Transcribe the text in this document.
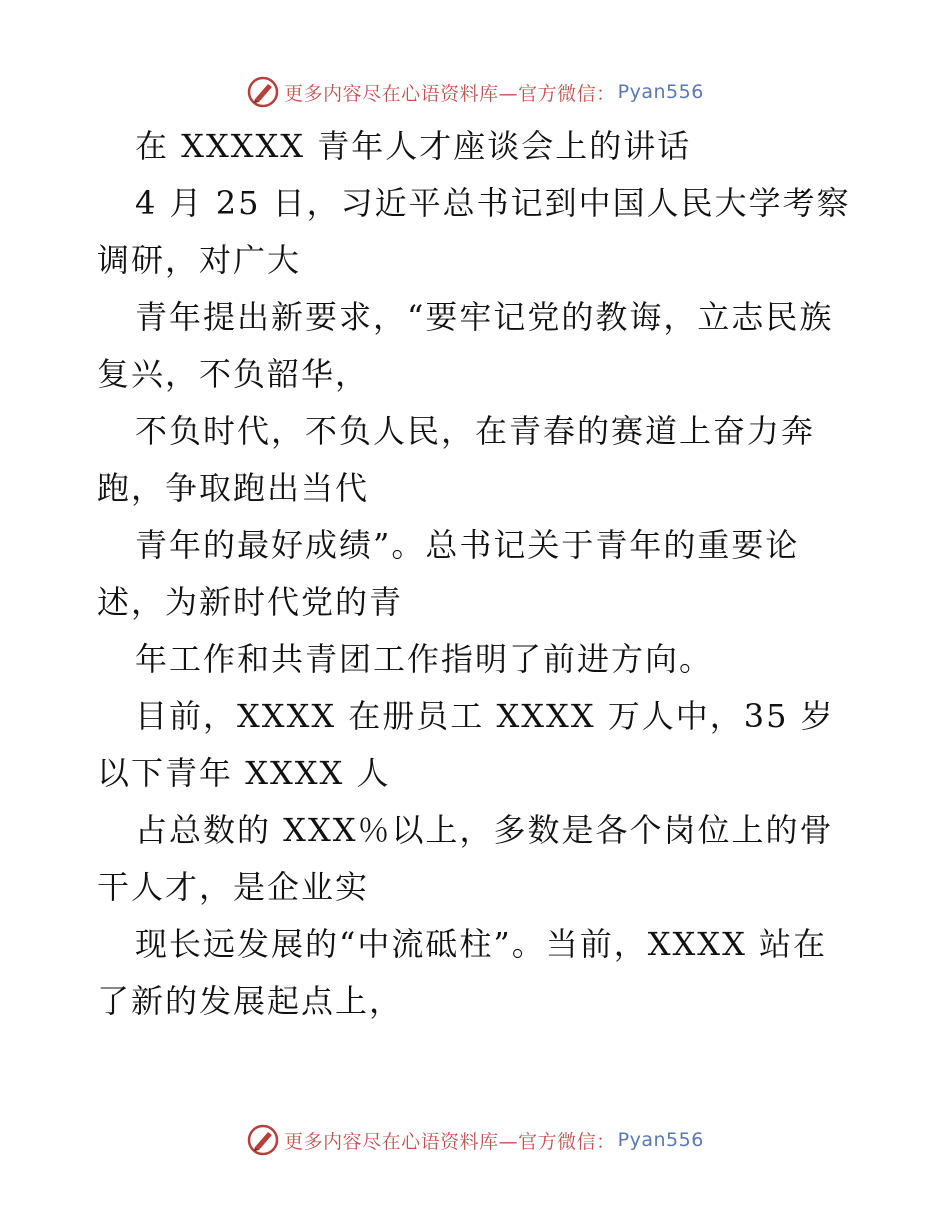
更多内容尽在心语资料库—官方微信： Pyan556

在 XXXXX 青年人才座谈会上的讲话

4 月 25 日，习近平总书记到中国人民大学考察调研，对广大

青年提出新要求，“要牢记党的教诲，立志民族复兴，不负韶华，

不负时代，不负人民，在青春的赛道上奋力奔跑，争取跑出当代

青年的最好成绩”。总书记关于青年的重要论述，为新时代党的青

年工作和共青团工作指明了前进方向。

目前，XXXX 在册员工 XXXX 万人中，35 岁以下青年 XXXX 人

占总数的 XXX％以上，多数是各个岗位上的骨干人才，是企业实

现长远发展的“中流砥柱”。当前，XXXX 站在了新的发展起点上，

更多内容尽在心语资料库—官方微信： Pyan556
